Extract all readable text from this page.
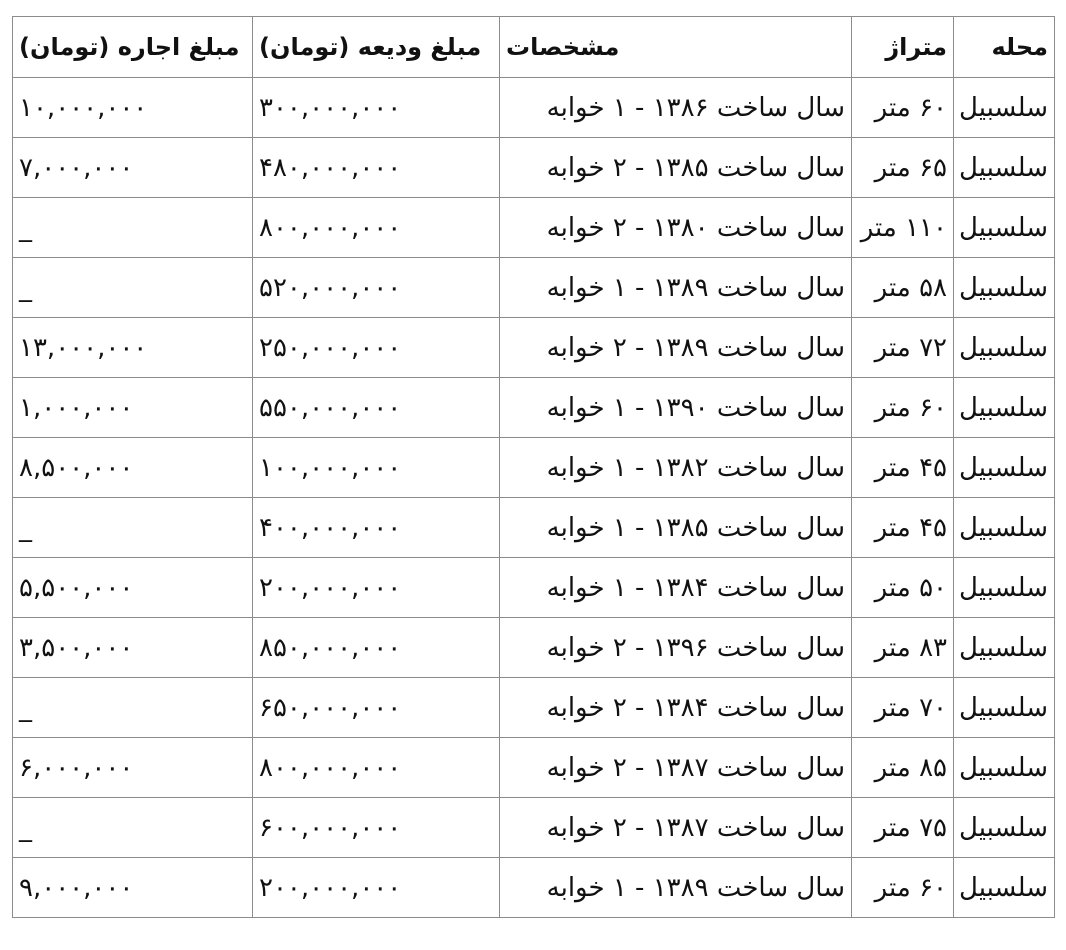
محله	متراژ	مشخصات	مبلغ ودیعه (تومان)	مبلغ اجاره (تومان)
سلسبیل	۶۰ متر	سال ساخت ۱۳۸۶ - ۱ خوابه	۳۰۰,۰۰۰,۰۰۰	۱۰,۰۰۰,۰۰۰
سلسبیل	۶۵ متر	سال ساخت ۱۳۸۵ - ۲ خوابه	۴۸۰,۰۰۰,۰۰۰	۷,۰۰۰,۰۰۰
سلسبیل	۱۱۰ متر	سال ساخت ۱۳۸۰ - ۲ خوابه	۸۰۰,۰۰۰,۰۰۰	_
سلسبیل	۵۸ متر	سال ساخت ۱۳۸۹ - ۱ خوابه	۵۲۰,۰۰۰,۰۰۰	_
سلسبیل	۷۲ متر	سال ساخت ۱۳۸۹ - ۲ خوابه	۲۵۰,۰۰۰,۰۰۰	۱۳,۰۰۰,۰۰۰
سلسبیل	۶۰ متر	سال ساخت ۱۳۹۰ - ۱ خوابه	۵۵۰,۰۰۰,۰۰۰	۱,۰۰۰,۰۰۰
سلسبیل	۴۵ متر	سال ساخت ۱۳۸۲ - ۱ خوابه	۱۰۰,۰۰۰,۰۰۰	۸,۵۰۰,۰۰۰
سلسبیل	۴۵ متر	سال ساخت ۱۳۸۵ - ۱ خوابه	۴۰۰,۰۰۰,۰۰۰	_
سلسبیل	۵۰ متر	سال ساخت ۱۳۸۴ - ۱ خوابه	۲۰۰,۰۰۰,۰۰۰	۵,۵۰۰,۰۰۰
سلسبیل	۸۳ متر	سال ساخت ۱۳۹۶ - ۲ خوابه	۸۵۰,۰۰۰,۰۰۰	۳,۵۰۰,۰۰۰
سلسبیل	۷۰ متر	سال ساخت ۱۳۸۴ - ۲ خوابه	۶۵۰,۰۰۰,۰۰۰	_
سلسبیل	۸۵ متر	سال ساخت ۱۳۸۷ - ۲ خوابه	۸۰۰,۰۰۰,۰۰۰	۶,۰۰۰,۰۰۰
سلسبیل	۷۵ متر	سال ساخت ۱۳۸۷ - ۲ خوابه	۶۰۰,۰۰۰,۰۰۰	_
سلسبیل	۶۰ متر	سال ساخت ۱۳۸۹ - ۱ خوابه	۲۰۰,۰۰۰,۰۰۰	۹,۰۰۰,۰۰۰
